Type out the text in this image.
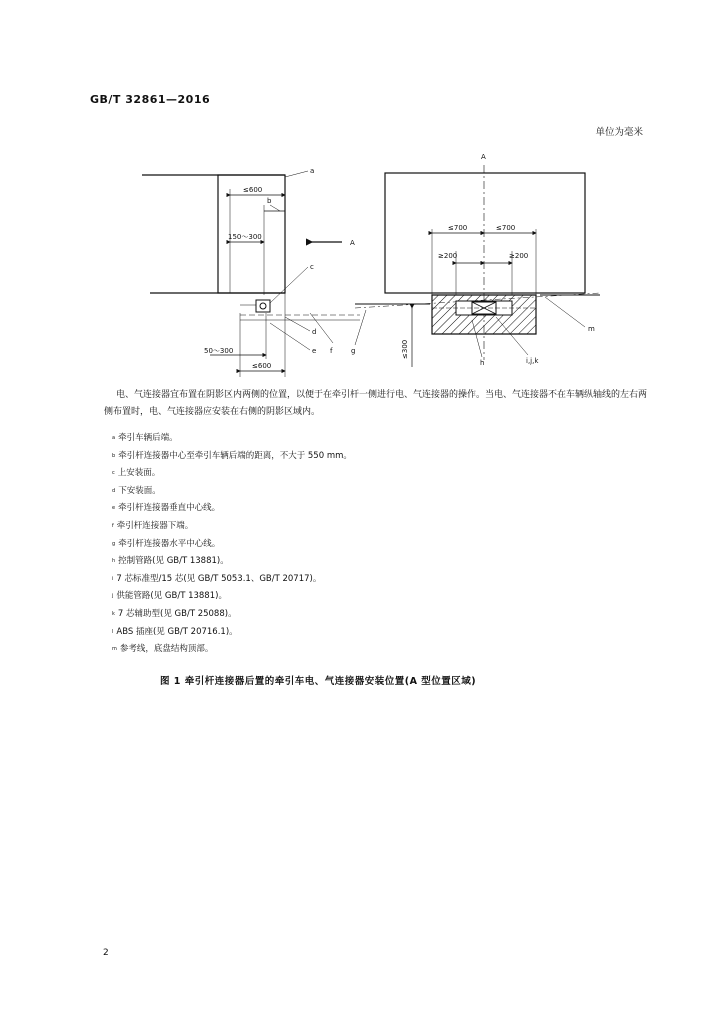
GB/T 32861—2016
单位为毫米
≤600
150～300
A
50～300
≤600
a
b
c
d
e f
A
≤700	≤700
≥200	≥200
≤300
h	i,j,k
m
g
电、气连接器宜布置在阴影区内两侧的位置，以便于在牵引杆一侧进行电、气连接器的操作。当电、气连接器不在车辆纵轴线的左右两侧布置时，电、气连接器应安装在右侧的阴影区域内。
$^a$ 牵引车辆后端。
$^b$ 牵引杆连接器中心至牵引车辆后端的距离，不大于 550 mm。
$^c$ 上安装面。
$^d$ 下安装面。
$^e$ 牵引杆连接器垂直中心线。
$^f$ 牵引杆连接器下端。
$^g$ 牵引杆连接器水平中心线。
$^h$ 控制管路(见 GB/T 13881)。
$^i$ 7 芯标准型/15 芯(见 GB/T 5053.1、GB/T 20717)。
$^j$ 供能管路(见 GB/T 13881)。
$^k$ 7 芯辅助型(见 GB/T 25088)。
$^l$ ABS 插座(见 GB/T 20716.1)。
$^m$ 参考线，底盘结构顶部。
图 1 牵引杆连接器后置的牵引车电、气连接器安装位置(A 型位置区域)
2
